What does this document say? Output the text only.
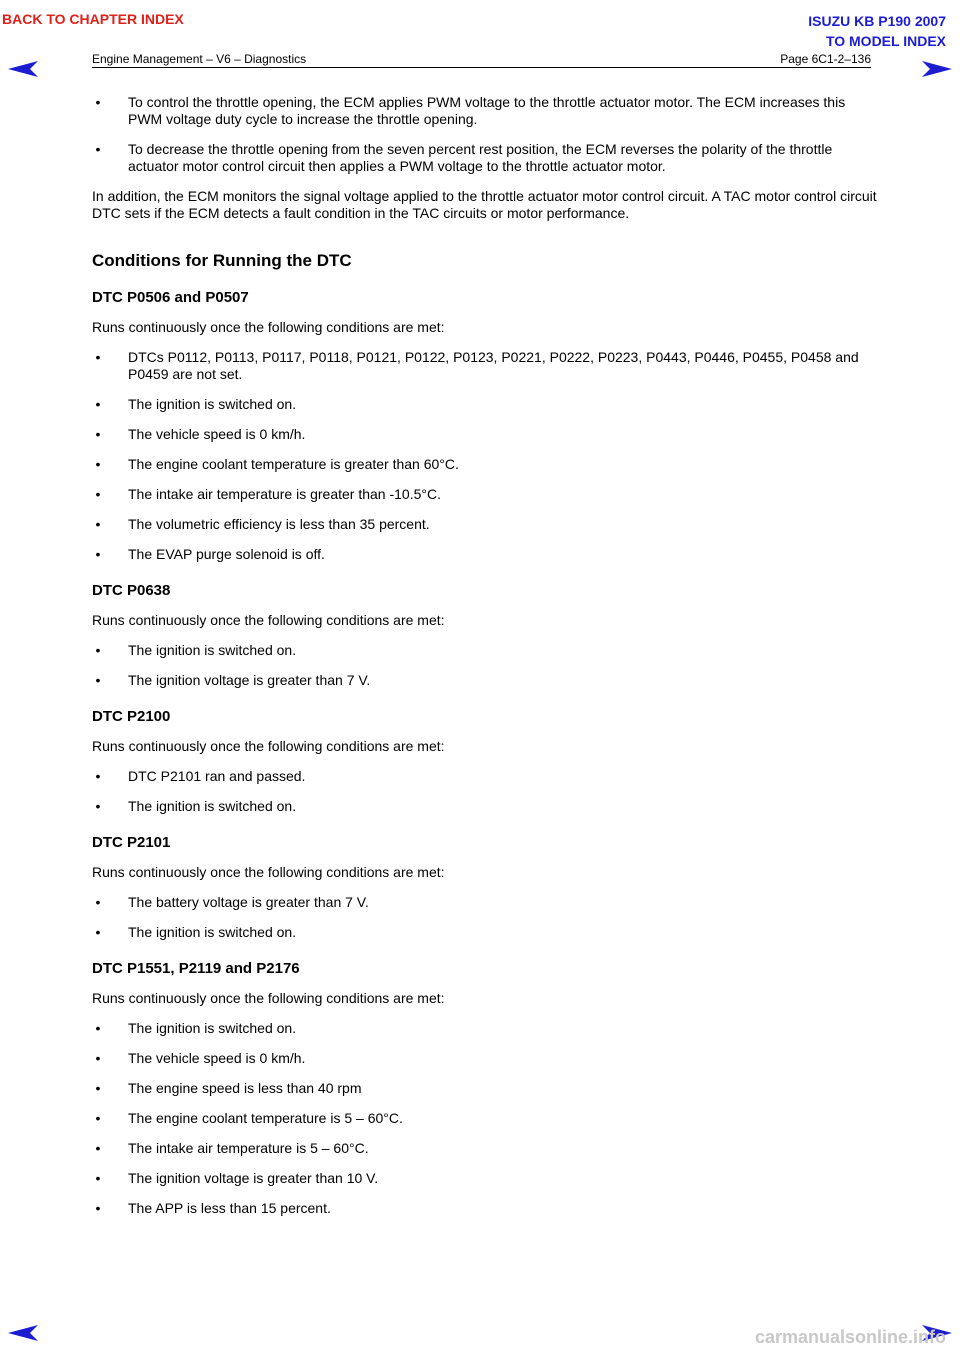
BACK TO CHAPTER INDEX	ISUZU KB P190 2007
TO MODEL INDEX
Engine Management – V6 – Diagnostics	Page 6C1-2–136
• To control the throttle opening, the ECM applies PWM voltage to the throttle actuator motor. The ECM increases this PWM voltage duty cycle to increase the throttle opening.
• To decrease the throttle opening from the seven percent rest position, the ECM reverses the polarity of the throttle actuator motor control circuit then applies a PWM voltage to the throttle actuator motor.

In addition, the ECM monitors the signal voltage applied to the throttle actuator motor control circuit. A TAC motor control circuit DTC sets if the ECM detects a fault condition in the TAC circuits or motor performance.

Conditions for Running the DTC
DTC P0506 and P0507

Runs continuously once the following conditions are met:

• DTCs P0112, P0113, P0117, P0118, P0121, P0122, P0123, P0221, P0222, P0223, P0443, P0446, P0455, P0458 and P0459 are not set.
• The ignition is switched on.
• The vehicle speed is 0 km/h.
• The engine coolant temperature is greater than 60°C.
• The intake air temperature is greater than -10.5°C.
• The volumetric efficiency is less than 35 percent.
• The EVAP purge solenoid is off.
DTC P0638

Runs continuously once the following conditions are met:

• The ignition is switched on.
• The ignition voltage is greater than 7 V.
DTC P2100

Runs continuously once the following conditions are met:

• DTC P2101 ran and passed.
• The ignition is switched on.
DTC P2101

Runs continuously once the following conditions are met:

• The battery voltage is greater than 7 V.
• The ignition is switched on.
DTC P1551, P2119 and P2176

Runs continuously once the following conditions are met:

• The ignition is switched on.
• The vehicle speed is 0 km/h.
• The engine speed is less than 40 rpm
• The engine coolant temperature is 5 – 60°C.
• The intake air temperature is 5 – 60°C.
• The ignition voltage is greater than 10 V.
• The APP is less than 15 percent.
carmanualsonline.info
